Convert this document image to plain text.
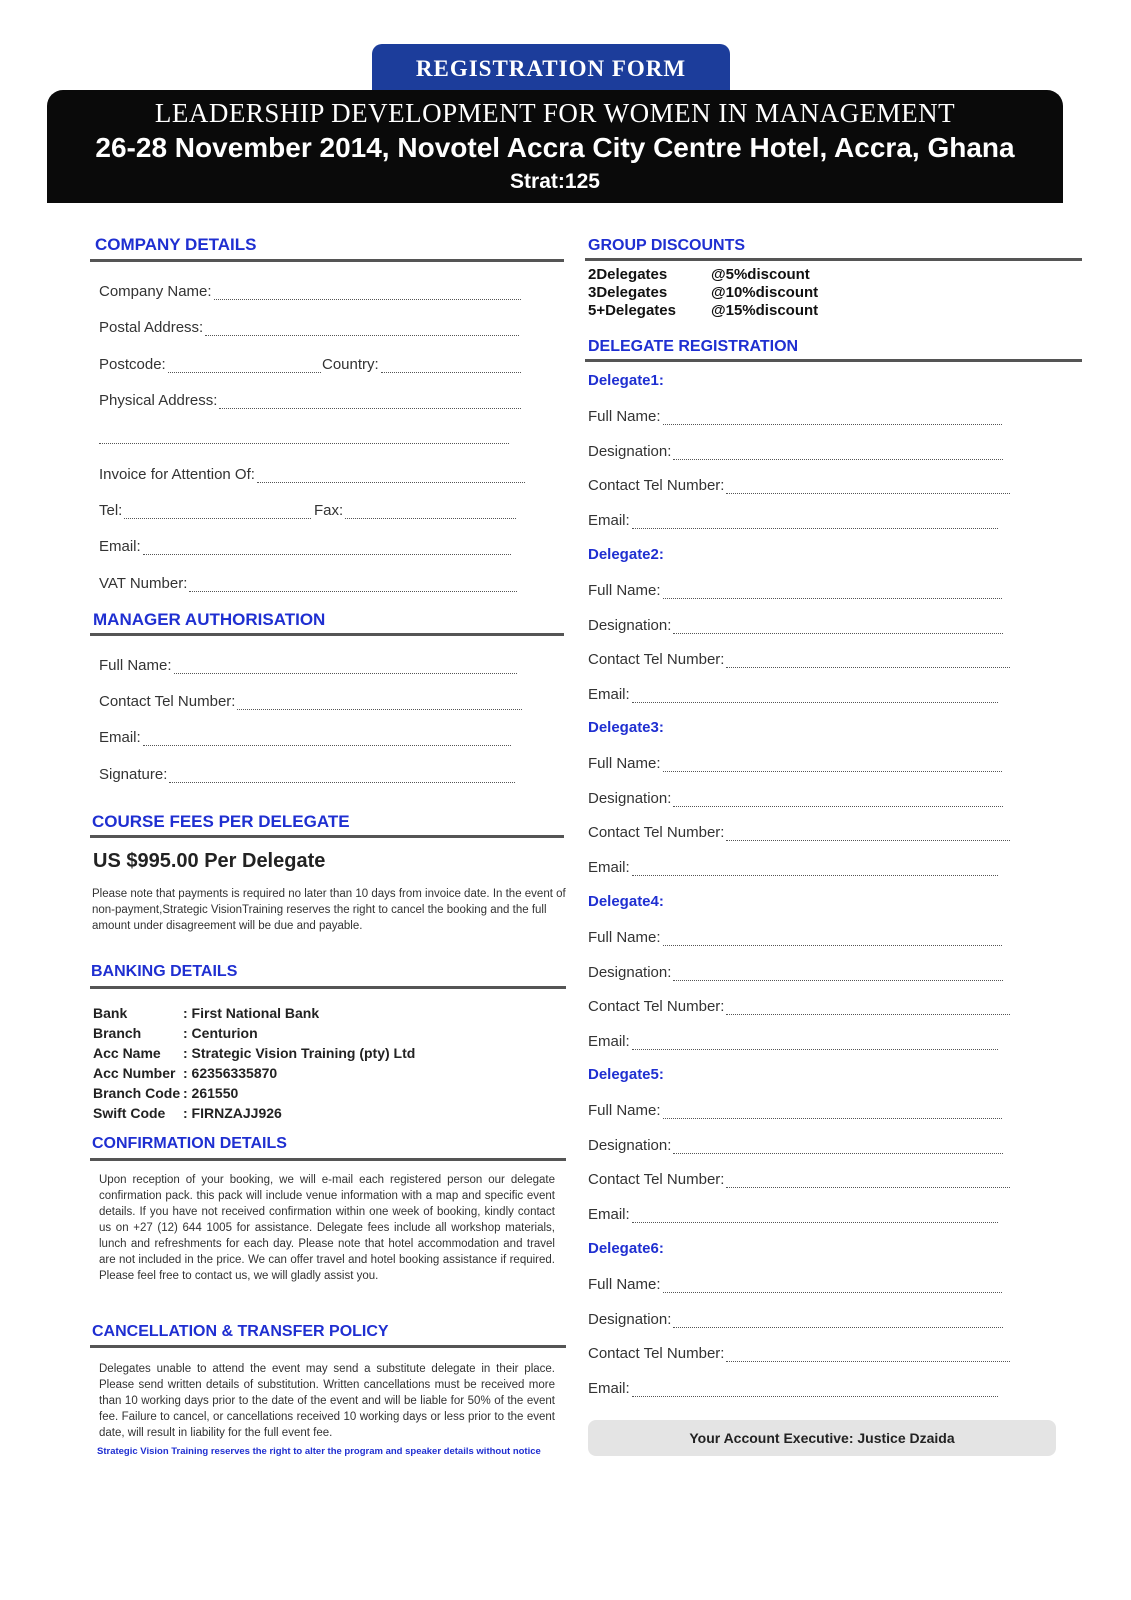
REGISTRATION FORM
LEADERSHIP DEVELOPMENT FOR WOMEN IN MANAGEMENT
26-28 November 2014, Novotel Accra City Centre Hotel, Accra, Ghana
Strat:125
COMPANY DETAILS
Company Name:
Postal Address:
Postcode:	Country:
Physical Address:
Invoice for Attention Of:
Tel:	Fax:
Email:
VAT Number:
MANAGER AUTHORISATION
Full Name:
Contact Tel Number:
Email:
Signature:
COURSE FEES PER DELEGATE
US $995.00 Per Delegate
Please note that payments is required no later than 10 days from invoice date. In the event of non-payment,Strategic VisionTraining reserves the right to cancel the booking and the full amount under disagreement will be due and payable.
BANKING DETAILS
Bank	: First National Bank
Branch	: Centurion
Acc Name : Strategic Vision Training (pty) Ltd
Acc Number : 62356335870
Branch Code : 261550
Swift Code : FIRNZAJJ926
CONFIRMATION DETAILS
Upon reception of your booking, we will e-mail each registered person our delegate confirmation pack. this pack will include venue information with a map and specific event details. If you have not received confirmation within one week of booking, kindly contact us on +27 (12) 644 1005 for assistance. Delegate fees include all workshop materials, lunch and refreshments for each day. Please note that hotel accommodation and travel are not included in the price. We can offer travel and hotel booking assistance if required. Please feel free to contact us, we will gladly assist you.
CANCELLATION & TRANSFER POLICY
Delegates unable to attend the event may send a substitute delegate in their place. Please send written details of substitution. Written cancellations must be received more than 10 working days prior to the date of the event and will be liable for 50% of the event fee. Failure to cancel, or cancellations received 10 working days or less prior to the event date, will result in liability for the full event fee.
Strategic Vision Training reserves the right to alter the program and speaker details without notice
GROUP DISCOUNTS
2Delegates	@5%discount
3Delegates	@10%discount
5+Delegates @15%discount
DELEGATE REGISTRATION
Delegate1:
Full Name:
Designation:
Contact Tel Number:
Email:
Delegate2:
Full Name:
Designation:
Contact Tel Number:
Email:
Delegate3:
Full Name:
Designation:
Contact Tel Number:
Email:
Delegate4:
Full Name:
Designation:
Contact Tel Number:
Email:
Delegate5:
Full Name:
Designation:
Contact Tel Number:
Email:
Delegate6:
Full Name:
Designation:
Contact Tel Number:
Email:
Your Account Executive: Justice Dzaida
